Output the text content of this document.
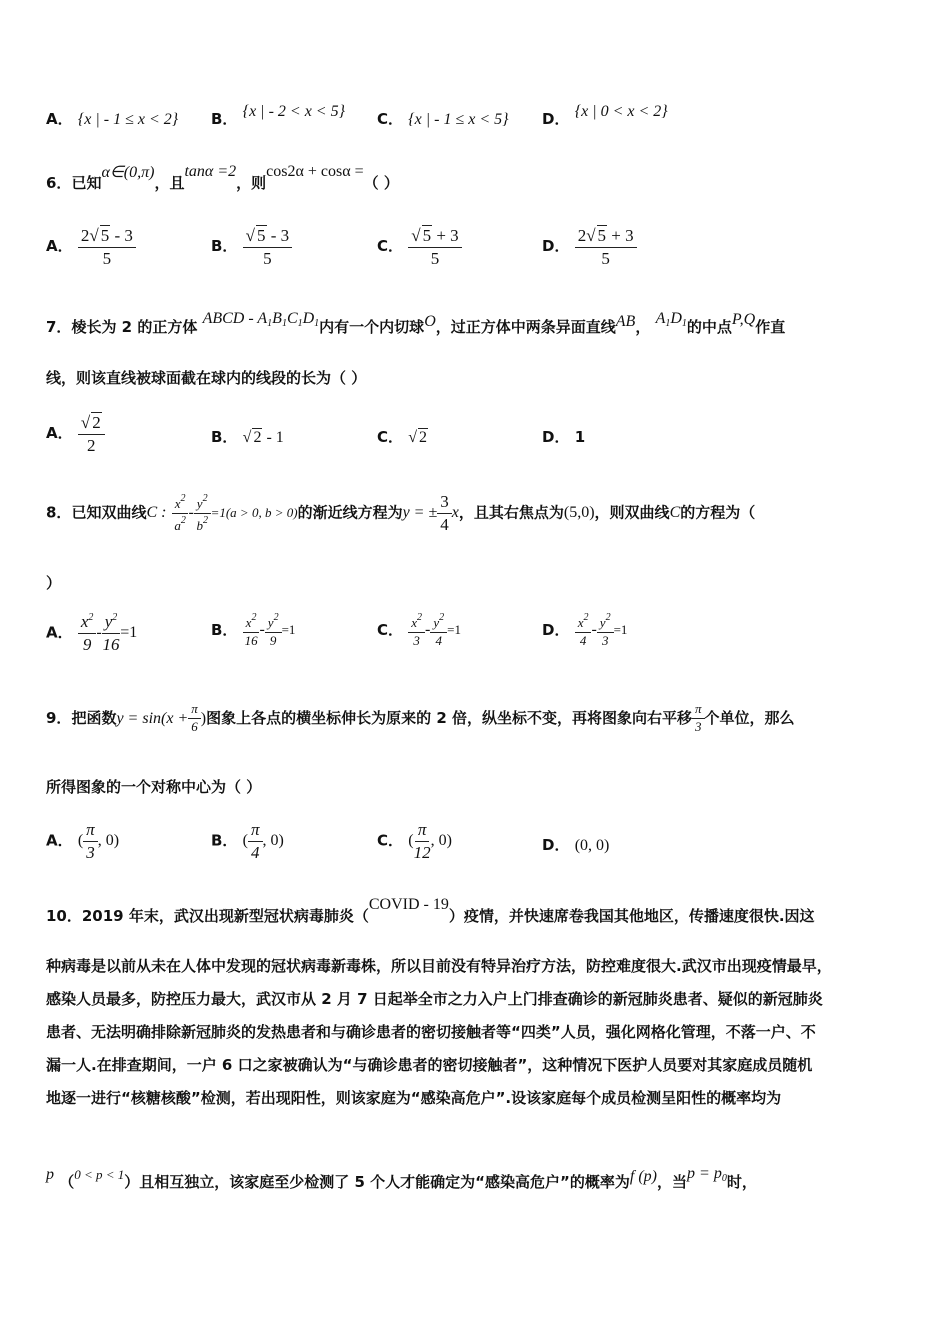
A． {x | - 1 ≤ x < 2} B． {x | - 2 < x < 5} C． {x | - 1 ≤ x < 5} D． {x | 0 < x < 2}
6．已知α∈(0,π)，且tanα =2，则cos2α + cosα =（ ）
A． $\frac{2√ 5 - 3}{5}$	B． $\frac{√ 5 - 3}{5}$	C． $\frac{√ 5 + 3}{5}$	D． $\frac{2√ 5 + 3}{5}$
7．棱长为 2 的正方体 ABCD - $A_1B_1C_1D_1$内有一个内切球O，过正方体中两条异面直线AB， $A_1D_1$的中点P,Q作直
线，则该直线被球面截在球内的线段的长为（ ）
A． $\frac{√ 2}{2}$	B． √ 2 - 1	C． √ 2	D． 1
8．已知双曲线C : $\frac{x^2}{a^2} - \frac{y^2}{b^2} =1(a > 0$, b > 0)的渐近线方程为y = ± $\frac{3}{4}$ x，且其右焦点为(5,0)，则双曲线C的方程为（
）
A． $\frac{x^2}{9} - \frac{y^2}{16} =1$	B． $\frac{x^2}{16} - \frac{y^2}{9} =1$	C． $\frac{x^2}{3} - \frac{y^2}{4} =1$	D． $\frac{x^2}{4} - \frac{y^2}{3} =1$
9．把函数$y = \sin(x + \frac{\pi}{6}$ )图象上各点的横坐标伸长为原来的 2 倍，纵坐标不变，再将图象向右平移 $\frac{\pi}{3}$ 个单位，那么
所得图象的一个对称中心为（ ）
A． ( $\frac{\pi}{3}$ , 0)	B． ( $\frac{\pi}{4}$ , 0)	C． ( $\frac{\pi}{12}$ , 0)	D． (0, 0)
10．2019 年末，武汉出现新型冠状病毒肺炎（COVID - 19）疫情，并快速席卷我国其他地区，传播速度很快.因这
种病毒是以前从未在人体中发现的冠状病毒新毒株，所以目前没有特异治疗方法，防控难度很大.武汉市出现疫情最早，
感染人员最多，防控压力最大，武汉市从 2 月 7 日起举全市之力入户上门排查确诊的新冠肺炎患者、疑似的新冠肺炎
患者、无法明确排除新冠肺炎的发热患者和与确诊患者的密切接触者等“四类”人员，强化网格化管理，不落一户、不
漏一人.在排查期间，一户 6 口之家被确认为“与确诊患者的密切接触者”，这种情况下医护人员要对其家庭成员随机
地逐一进行“核糖核酸”检测，若出现阳性，则该家庭为“感染高危户”.设该家庭每个成员检测呈阳性的概率均为
p （0 < p < 1）且相互独立，该家庭至少检测了 5 个人才能确定为“感染高危户”的概率为f (p)，当$p = p_0$时，
